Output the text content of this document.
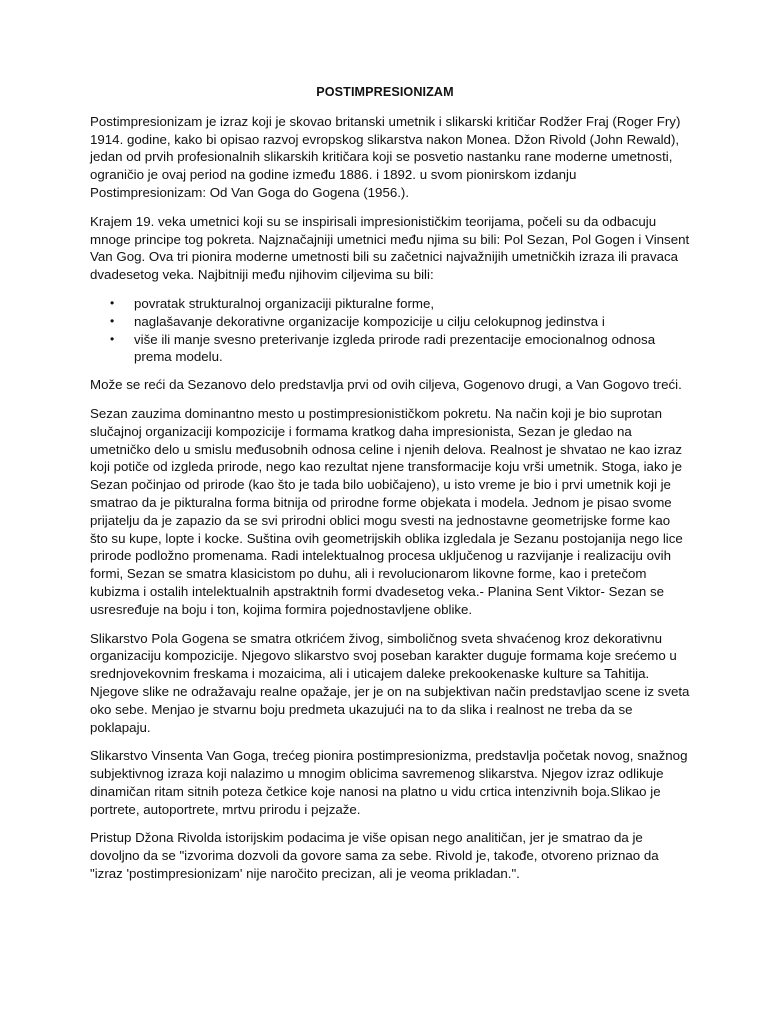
POSTIMPRESIONIZAM
Postimpresionizam je izraz koji je skovao britanski umetnik i slikarski kritičar Rodžer Fraj (Roger Fry)
1914. godine, kako bi opisao razvoj evropskog slikarstva nakon Moneа. Džon Rivold (John Rewald),
jedan od prvih profesionalnih slikarskih kritičara koji se posvetio nastanku rane moderne umetnosti,
ograničio je ovaj period na godine između 1886. i 1892. u svom pionirskom izdanju
Postimpresionizam: Od Van Goga do Gogena (1956.).
Krajem 19. veka umetnici koji su se inspirisali impresionističkim teorijama, počeli su da odbacuju
mnoge principe tog pokreta. Najznačajniji umetnici među njima su bili: Pol Sezan, Pol Gogen i Vinsent
Van Gog. Ova tri pionira moderne umetnosti bili su začetnici najvažnijih umetničkih izraza ili pravaca
dvadesetog veka. Najbitniji među njihovim ciljevima su bili:
•	povratak strukturalnoj organizaciji pikturalne forme,
•	naglašavanje dekorativne organizacije kompozicije u cilju celokupnog jedinstva i
•	više ili manje svesno preterivanje izgleda prirode radi prezentacije emocionalnog odnosa
prema modelu.
Može se reći da Sezanovo delo predstavlja prvi od ovih ciljeva, Gogenovo drugi, a Van Gogovo treći.
Sezan zauzima dominantno mesto u postimpresionističkom pokretu. Na način koji je bio suprotan
slučajnoj organizaciji kompozicije i formama kratkog daha impresionista, Sezan je gledao na
umetničko delo u smislu međusobnih odnosa celine i njenih delova. Realnost je shvatao ne kao izraz
koji potiče od izgleda prirode, nego kao rezultat njene transformacije koju vrši umetnik. Stoga, iako je
Sezan počinjao od prirode (kao što je tada bilo uobičajeno), u isto vreme je bio i prvi umetnik koji je
smatrao da je pikturalna forma bitnija od prirodne forme objekata i modela. Jednom je pisao svome
prijatelju da je zapazio da se svi prirodni oblici mogu svesti na jednostavne geometrijske forme kao
što su kupe, lopte i kocke. Suština ovih geometrijskih oblika izgledala je Sezanu postojanija nego lice
prirode podložno promenama. Radi intelektualnog procesa uključenog u razvijanje i realizaciju ovih
formi, Sezan se smatra klasicistom po duhu, ali i revolucionarom likovne forme, kao i pretečom
kubizma i ostalih intelektualnih apstraktnih formi dvadesetog veka.- Planina Sent Viktor- Sezan se
usresređuje na boju i ton, kojima formira pojednostavljene oblike.
Slikarstvo Pola Gogena se smatra otkrićem živog, simboličnog sveta shvaćenog kroz dekorativnu
organizaciju kompozicije. Njegovo slikarstvo svoj poseban karakter duguje formama koje srećemo u
srednjovekovnim freskama i mozaicima, ali i uticajem daleke prekookenaske kulture sa Tahitija.
Njegove slike ne odražavaju realne opažaje, jer je on na subjektivan način predstavljao scene iz sveta
oko sebe. Menjao je stvarnu boju predmeta ukazujući na to da slika i realnost ne treba da se
poklapaju.
Slikarstvo Vinsenta Van Goga, trećeg pionira postimpresionizma, predstavlja početak novog, snažnog
subjektivnog izraza koji nalazimo u mnogim oblicima savremenog slikarstva. Njegov izraz odlikuje
dinamičan ritam sitnih poteza četkice koje nanosi na platno u vidu crtica intenzivnih boja.Slikao je
portrete, autoportrete, mrtvu prirodu i pejzaže.
Pristup Džona Rivolda istorijskim podacima je više opisan nego analitičan, jer je smatrao da je
dovoljno da se "izvorima dozvoli da govore sama za sebe. Rivold je, takođe, otvoreno priznao da
"izraz 'postimpresionizam' nije naročito precizan, ali je veoma prikladan.".
